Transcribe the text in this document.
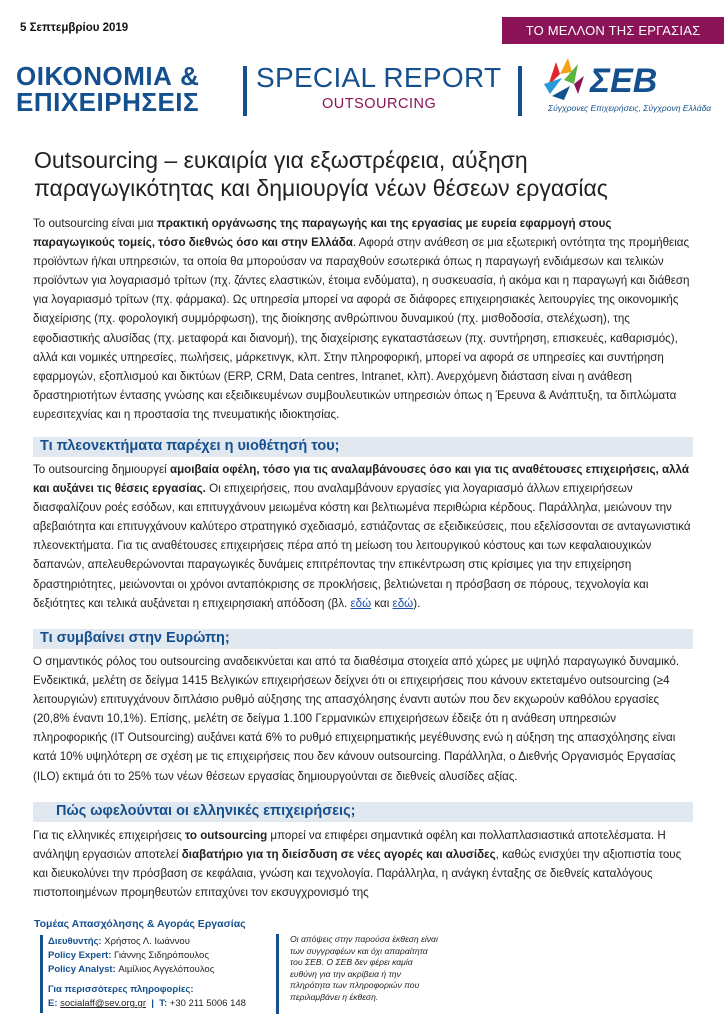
5 Σεπτεμβρίου 2019	ΤΟ ΜΕΛΛΟΝ ΤΗΣ ΕΡΓΑΣΙΑΣ
ΟΙΚΟΝΟΜΙΑ &
ΕΠΙΧΕΙΡΗΣΕΙΣ
SPECIAL REPORT
OUTSOURCING
ΣΕΒ
Σύγχρονες Επιχειρήσεις, Σύγχρονη Ελλάδα
Outsourcing – ευκαιρία για εξωστρέφεια, αύξηση παραγωγικότητας και δημιουργία νέων θέσεων εργασίας

Το outsourcing είναι μια πρακτική οργάνωσης της παραγωγής και της εργασίας με ευρεία εφαρμογή στους παραγωγικούς τομείς, τόσο διεθνώς όσο και στην Ελλάδα. Αφορά στην ανάθεση σε μια εξωτερική οντότητα της προμήθειας προϊόντων ή/και υπηρεσιών, τα οποία θα μπορούσαν να παραχθούν εσωτερικά όπως η παραγωγή ενδιάμεσων και τελικών προϊόντων για λογαριασμό τρίτων (πχ. ζάντες ελαστικών, έτοιμα ενδύματα), η συσκευασία, ή ακόμα και η παραγωγή και διάθεση για λογαριασμό τρίτων (πχ. φάρμακα). Ως υπηρεσία μπορεί να αφορά σε διάφορες επιχειρησιακές λειτουργίες της οικονομικής διαχείρισης (πχ. φορολογική συμμόρφωση), της διοίκησης ανθρώπινου δυναμικού (πχ. μισθοδοσία, στελέχωση), της εφοδιαστικής αλυσίδας (πχ. μεταφορά και διανομή), της διαχείρισης εγκαταστάσεων (πχ. συντήρηση, επισκευές, καθαρισμός), αλλά και νομικές υπηρεσίες, πωλήσεις, μάρκετινγκ, κλπ. Στην πληροφορική, μπορεί να αφορά σε υπηρεσίες και συντήρηση εφαρμογών, εξοπλισμού και δικτύων (ERP, CRM, Data centres, Intranet, κλπ). Ανερχόμενη διάσταση είναι η ανάθεση δραστηριοτήτων έντασης γνώσης και εξειδικευμένων συμβουλευτικών υπηρεσιών όπως η Έρευνα & Ανάπτυξη, τα διπλώματα ευρεσιτεχνίας και η προστασία της πνευματικής ιδιοκτησίας.

Τι πλεονεκτήματα παρέχει η υιοθέτησή του;

Το outsourcing δημιουργεί αμοιβαία οφέλη, τόσο για τις αναλαμβάνουσες όσο και για τις αναθέτουσες επιχειρήσεις, αλλά και αυξάνει τις θέσεις εργασίας. Οι επιχειρήσεις, που αναλαμβάνουν εργασίες για λογαριασμό άλλων επιχειρήσεων διασφαλίζουν ροές εσόδων, και επιτυγχάνουν μειωμένα κόστη και βελτιωμένα περιθώρια κέρδους. Παράλληλα, μειώνουν την αβεβαιότητα και επιτυγχάνουν καλύτερο στρατηγικό σχεδιασμό, εστιάζοντας σε εξειδικεύσεις, που εξελίσσονται σε ανταγωνιστικά πλεονεκτήματα. Για τις αναθέτουσες επιχειρήσεις πέρα από τη μείωση του λειτουργικού κόστους και των κεφαλαιουχικών δαπανών, απελευθερώνονται παραγωγικές δυνάμεις επιτρέποντας την επικέντρωση στις κρίσιμες για την επιχείρηση δραστηριότητες, μειώνονται οι χρόνοι ανταπόκρισης σε προκλήσεις, βελτιώνεται η πρόσβαση σε πόρους, τεχνολογία και δεξιότητες και τελικά αυξάνεται η επιχειρησιακή απόδοση (βλ. εδώ και εδώ).

Τι συμβαίνει στην Ευρώπη;

Ο σημαντικός ρόλος του outsourcing αναδεικνύεται και από τα διαθέσιμα στοιχεία από χώρες με υψηλό παραγωγικό δυναμικό. Ενδεικτικά, μελέτη σε δείγμα 1415 Βελγικών επιχειρήσεων δείχνει ότι οι επιχειρήσεις που κάνουν εκτεταμένο outsourcing (≥4 λειτουργιών) επιτυγχάνουν διπλάσιο ρυθμό αύξησης της απασχόλησης έναντι αυτών που δεν εκχωρούν καθόλου εργασίες (20,8% έναντι 10,1%). Επίσης, μελέτη σε δείγμα 1.100 Γερμανικών επιχειρήσεων έδειξε ότι η ανάθεση υπηρεσιών πληροφορικής (IT Outsourcing) αυξάνει κατά 6% το ρυθμό επιχειρηματικής μεγέθυνσης ενώ η αύξηση της απασχόλησης είναι κατά 10% υψηλότερη σε σχέση με τις επιχειρήσεις που δεν κάνουν outsourcing. Παράλληλα, ο Διεθνής Οργανισμός Εργασίας (ILO) εκτιμά ότι το 25% των νέων θέσεων εργασίας δημιουργούνται σε διεθνείς αλυσίδες αξίας.

Πώς ωφελούνται οι ελληνικές επιχειρήσεις;

Για τις ελληνικές επιχειρήσεις το outsourcing μπορεί να επιφέρει σημαντικά οφέλη και πολλαπλασιαστικά αποτελέσματα. Η ανάληψη εργασιών αποτελεί διαβατήριο για τη διείσδυση σε νέες αγορές και αλυσίδες, καθώς ενισχύει την αξιοπιστία τους και διευκολύνει την πρόσβαση σε κεφάλαια, γνώση και τεχνολογία. Παράλληλα, η ανάγκη ένταξης σε διεθνείς καταλόγους πιστοποιημένων προμηθευτών επιταχύνει τον εκσυγχρονισμό της

Τομέας Απασχόλησης & Αγοράς Εργασίας
Διευθυντής: Χρήστος Λ. Ιωάννου
Policy Expert: Γιάννης Σιδηρόπουλος
Policy Analyst: Αιμίλιος Αγγελόπουλος
Για περισσότερες πληροφορίες:
E: socialaff@sev.org.gr  |  T: +30 211 5006 148
Οι απόψεις στην παρούσα έκθεση είναι των συγγραφέων και όχι απαραίτητα του ΣΕΒ. Ο ΣΕΒ δεν φέρει καμία ευθύνη για την ακρίβεια ή την πληρότητα των πληροφοριών που περιλαμβάνει η έκθεση.
